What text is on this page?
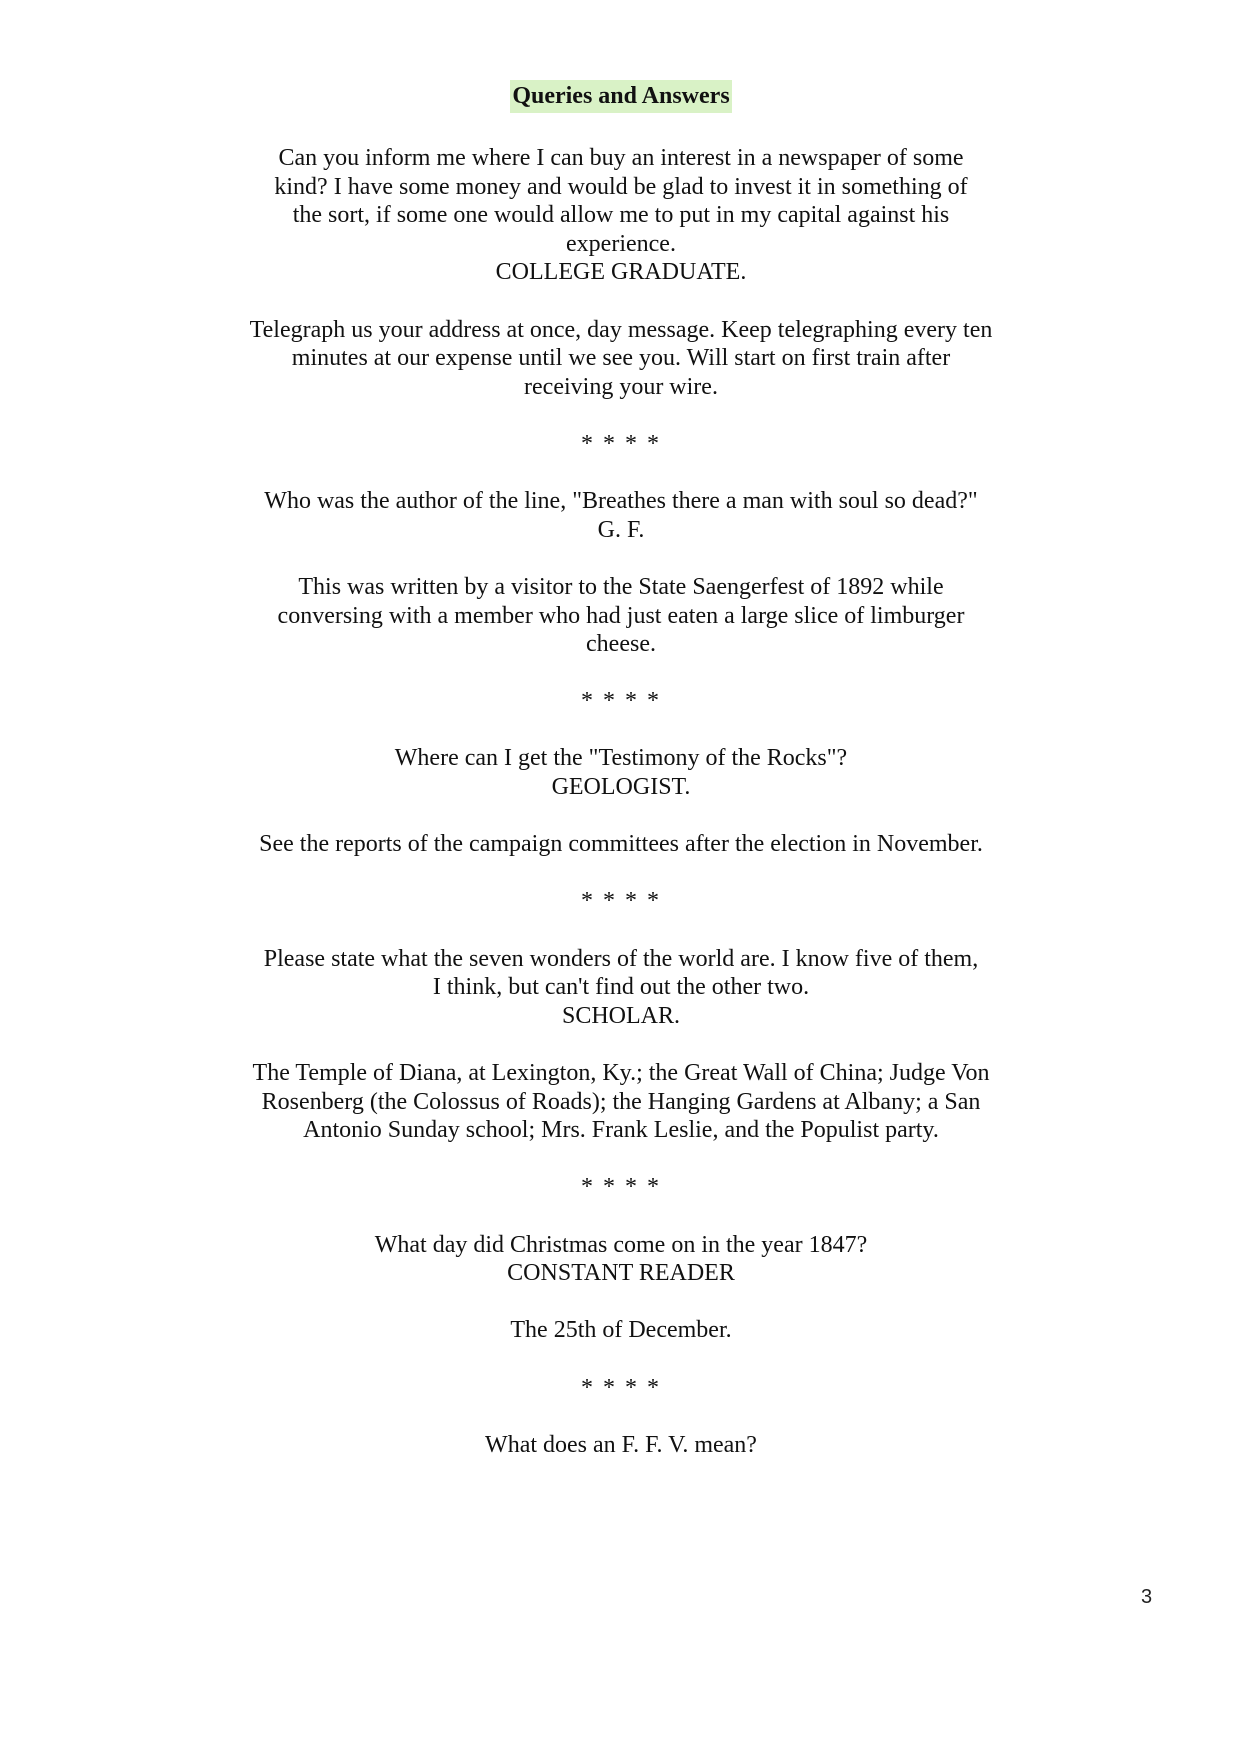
Queries and Answers
Can you inform me where I can buy an interest in a newspaper of some kind? I have some money and would be glad to invest it in something of the sort, if some one would allow me to put in my capital against his experience.
COLLEGE GRADUATE.
Telegraph us your address at once, day message. Keep telegraphing every ten minutes at our expense until we see you. Will start on first train after receiving your wire.
* * * *
Who was the author of the line, "Breathes there a man with soul so dead?"
G. F.
This was written by a visitor to the State Saengerfest of 1892 while conversing with a member who had just eaten a large slice of limburger cheese.
* * * *
Where can I get the "Testimony of the Rocks"?
GEOLOGIST.
See the reports of the campaign committees after the election in November.
* * * *
Please state what the seven wonders of the world are. I know five of them, I think, but can't find out the other two.
SCHOLAR.
The Temple of Diana, at Lexington, Ky.; the Great Wall of China; Judge Von Rosenberg (the Colossus of Roads); the Hanging Gardens at Albany; a San Antonio Sunday school; Mrs. Frank Leslie, and the Populist party.
* * * *
What day did Christmas come on in the year 1847?
CONSTANT READER
The 25th of December.
* * * *
What does an F. F. V. mean?
3
